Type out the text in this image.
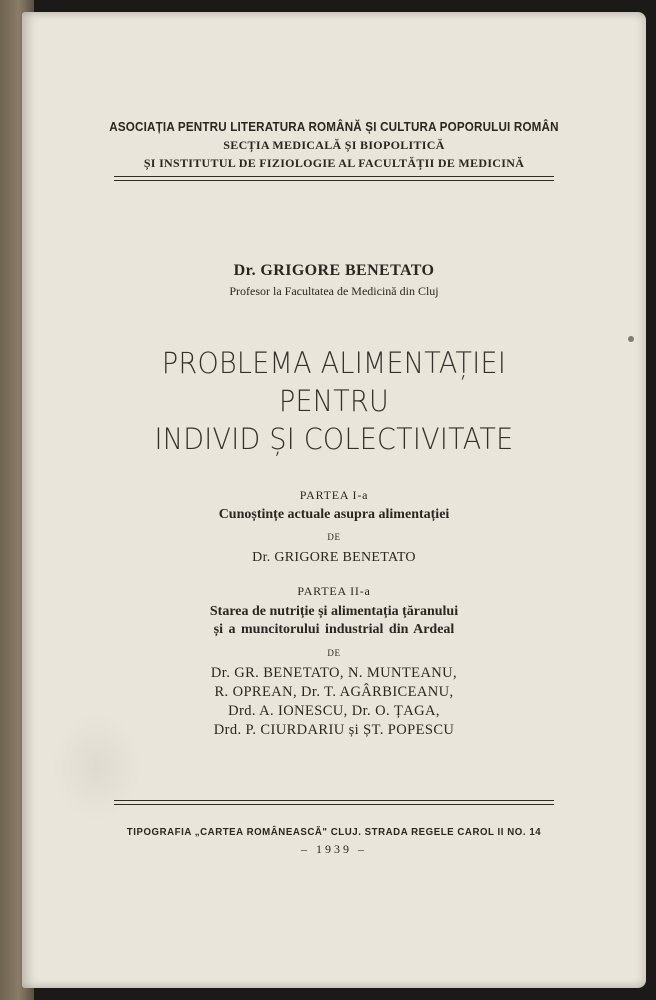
ASOCIAȚIA PENTRU LITERATURA ROMÂNĂ ȘI CULTURA POPORULUI ROMÂN
SECȚIA MEDICALĂ ȘI BIOPOLITICĂ
ȘI INSTITUTUL DE FIZIOLOGIE AL FACULTĂȚII DE MEDICINĂ
Dr. GRIGORE BENETATO
Profesor la Facultatea de Medicină din Cluj
PROBLEMA ALIMENTAȚIEI
PENTRU
INDIVID ȘI COLECTIVITATE
PARTEA I-a
Cunoștințe actuale asupra alimentației
DE
Dr. GRIGORE BENETATO
PARTEA II-a
Starea de nutriție și alimentația țăranului
și a muncitorului industrial din Ardeal
DE
Dr. GR. BENETATO, N. MUNTEANU,
R. OPREAN, Dr. T. AGÂRBICEANU,
Drd. A. IONESCU, Dr. O. ȚAGA,
Drd. P. CIURDARIU și ȘT. POPESCU
TIPOGRAFIA „CARTEA ROMÂNEASCĂ" CLUJ. STRADA REGELE CAROL II NO. 14
– 1939 –
